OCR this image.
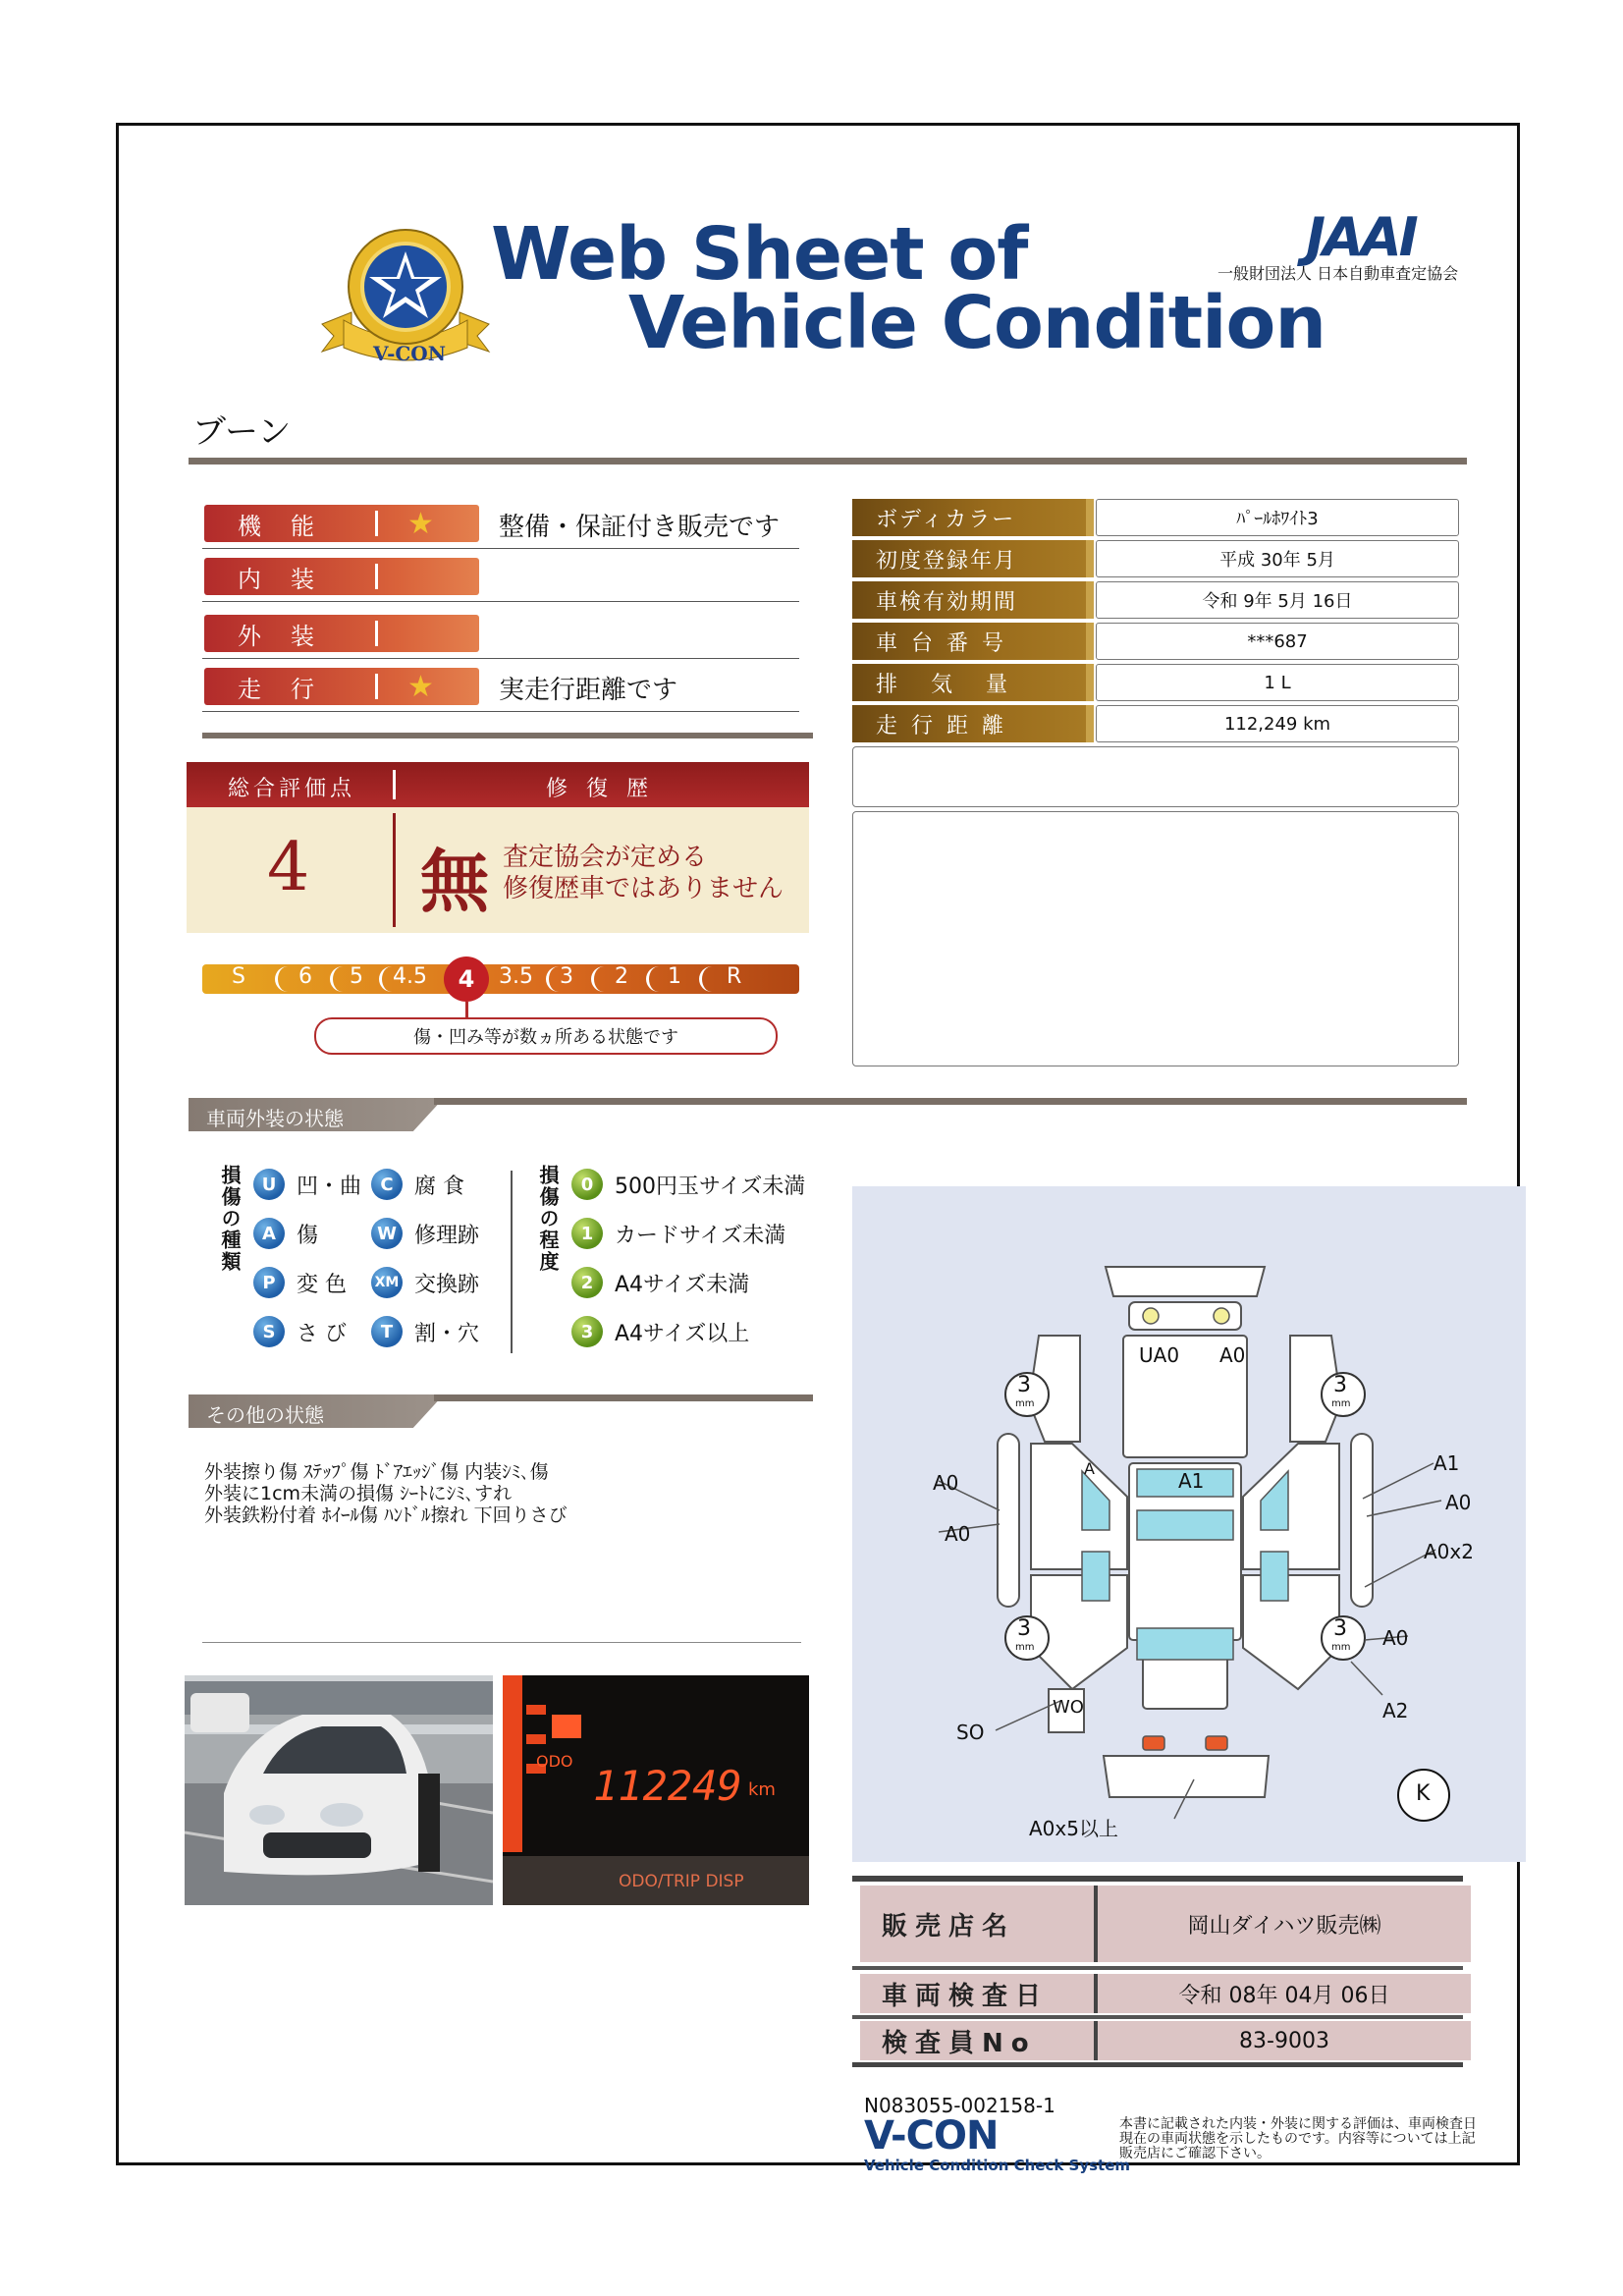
V-CON
Web Sheet of
Vehicle Condition
JAAI
一般財団法人 日本自動車査定協会
ブーン
機能	★	整備・保証付き販売です
内装
外装
走行	★	実走行距離です
ボディカラー	ﾊﾟｰﾙﾎﾜｲﾄ3
初度登録年月	平成 30年 5月
車検有効期間	令和 9年 5月 16日
車台番号	***687
排気量	1 L
走行距離	112,249 km
総合評価点	修 復 歴
4 無 査定協会が定める
修復歴車ではありません
S 6 5 4.5	4	3.5 3 2 1 R
傷・凹み等が数ヵ所ある状態です
車両外装の状態
損傷の種類	U 凹・曲	C 腐 食
A 傷	W 修理跡
P 変 色 XM 交換跡
S さ び	T 割・穴
損傷の程度	0 500円玉サイズ未満
1 カードサイズ未満
2 A4サイズ未満
3 A4サイズ以上
その他の状態
外装擦り傷 ｽﾃｯﾌﾟ傷 ﾄﾞｱｴｯｼﾞ傷 内装ｼﾐ､傷
外装に1cm未満の損傷 ｼｰﾄにｼﾐ､すれ
外装鉄粉付着 ﾎｲｰﾙ傷 ﾊﾝﾄﾞﾙ擦れ 下回りさび
ODO
112249 km
ODO/TRIP DISP
3
mm
3
mm
3
mm
3
mm
UA0 A0
A0
A0
A1
A0
A0x2
A1
A
A0
A2
WO
SO
A0x5以上
K
販売店名	岡山ダイハツ販売㈱
車両検査日	令和 08年 04月 06日
検査員No	83-9003
N083055-002158-1
V-CON
Vehicle Condition Check System
本書に記載された内装・外装に関する評価は、車両検査日現在の車両状態を示したものです。内容等については上記販売店にご確認下さい。
